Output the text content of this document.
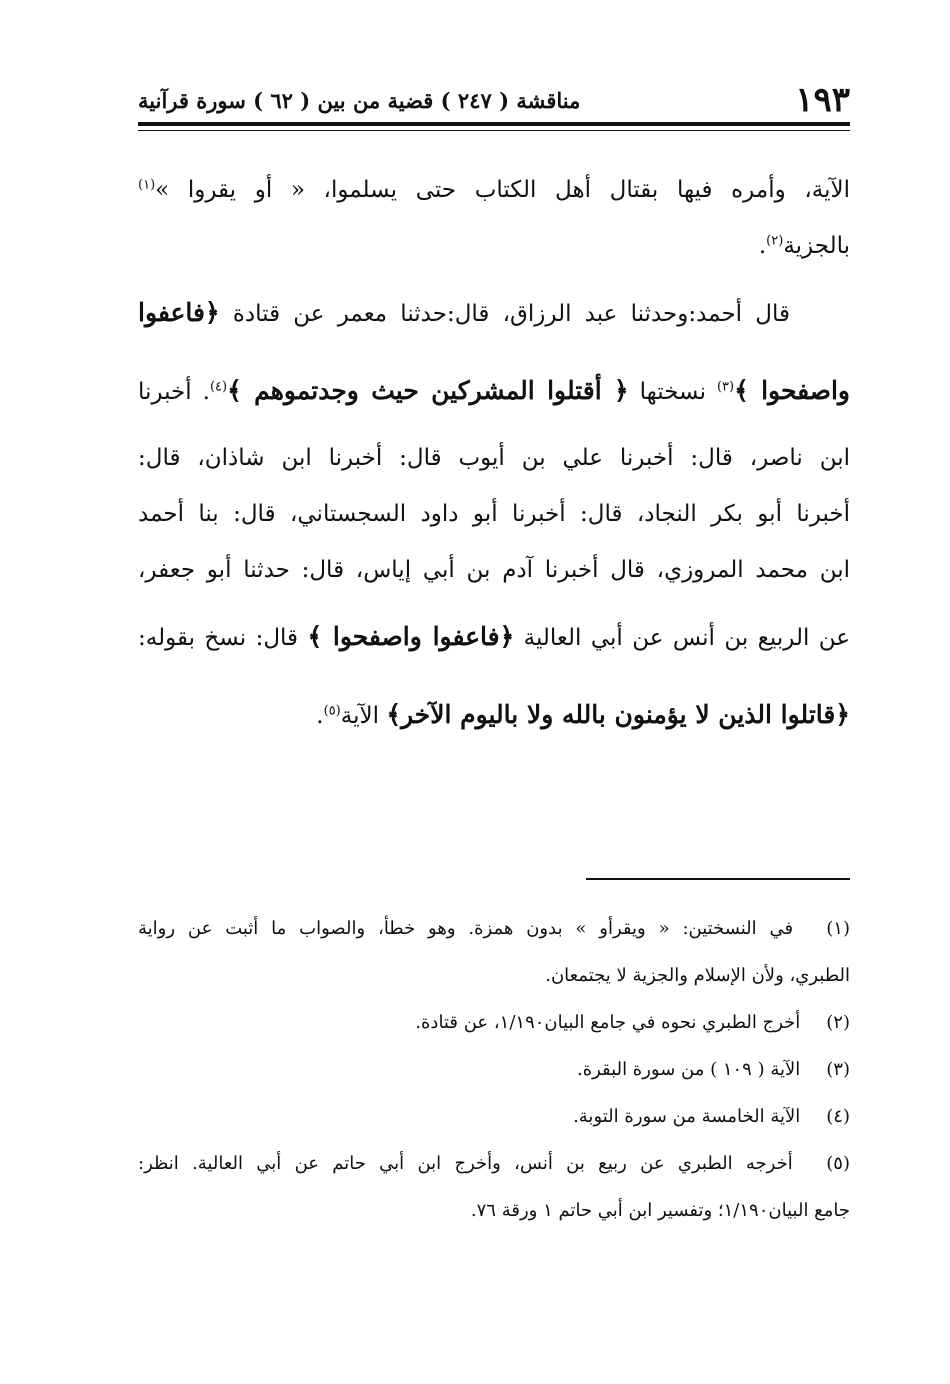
١٩٣
مناقشة ( ٢٤٧ ) قضية من بين ( ٦٢ ) سورة قرآنية
الآية، وأمره فيها بقتال أهل الكتاب حتى يسلموا، « أو يقروا »$^{(١)}$
بالجزية$^{(٢)}$.
قال أحمد:وحدثنا عبد الرزاق، قال:حدثنا معمر عن قتادة ﴿فاعفوا
واصفحوا ﴾$^{(٣)}$ نسختها ﴿ أقتلوا المشركين حيث وجدتموهم ﴾$^{(٤)}$. أخبرنا
ابن ناصر، قال: أخبرنا علي بن أيوب قال: أخبرنا ابن شاذان، قال:
أخبرنا أبو بكر النجاد، قال: أخبرنا أبو داود السجستاني، قال: بنا أحمد
ابن محمد المروزي، قال أخبرنا آدم بن أبي إياس، قال: حدثنا أبو جعفر،
عن الربيع بن أنس عن أبي العالية ﴿فاعفوا واصفحوا ﴾ قال: نسخ بقوله:
﴿قاتلوا الذين لا يؤمنون بالله ولا باليوم الآخر﴾ الآية$^{(٥)}$.
(١) في النسختين: « ويقرأو » بدون همزة. وهو خطأ، والصواب ما أثبت عن رواية
الطبري، ولأن الإسلام والجزية لا يجتمعان.
(٢) أخرج الطبري نحوه في جامع البيان١/١٩٠، عن قتادة.
(٣) الآية ( ١٠٩ ) من سورة البقرة.
(٤) الآية الخامسة من سورة التوبة.
(٥) أخرجه الطبري عن ربيع بن أنس، وأخرج ابن أبي حاتم عن أبي العالية. انظر:
جامع البيان١/١٩٠؛ وتفسير ابن أبي حاتم ١ ورقة ٧٦.
